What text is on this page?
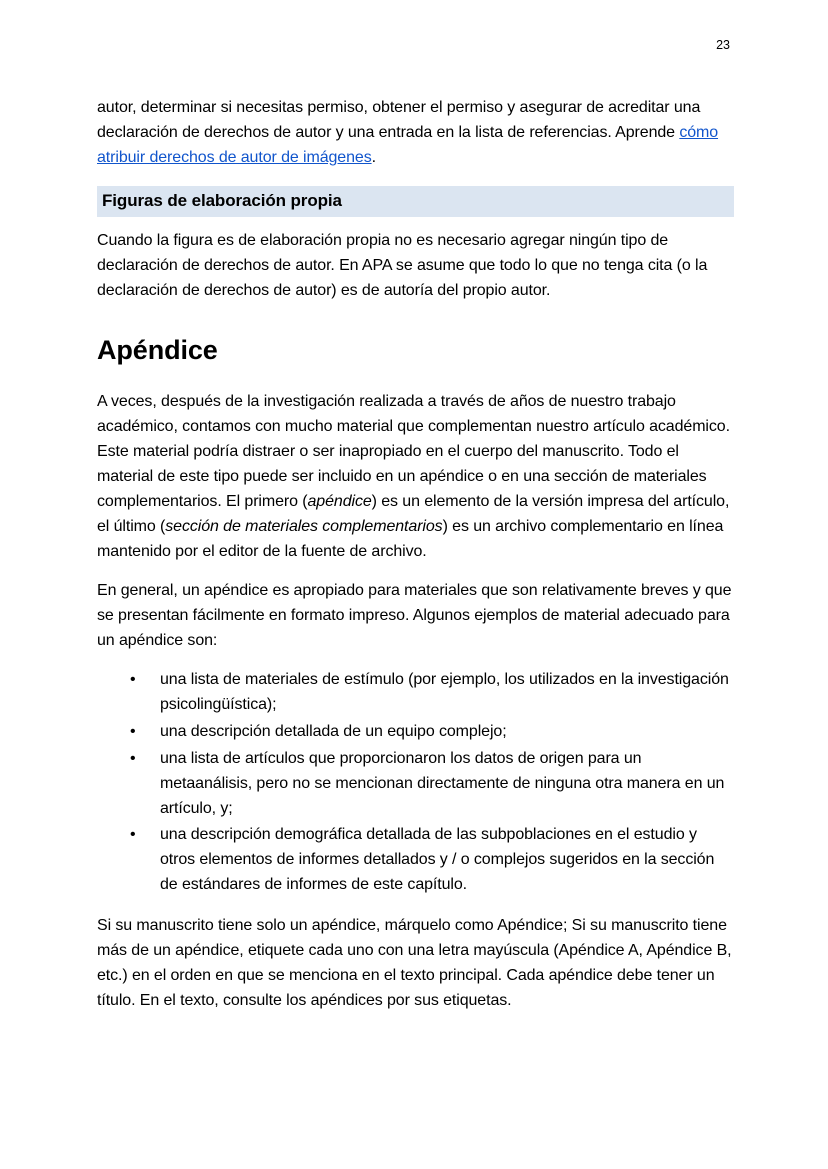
23

autor, determinar si necesitas permiso, obtener el permiso y asegurar de acreditar una declaración de derechos de autor y una entrada en la lista de referencias. Aprende cómo atribuir derechos de autor de imágenes.

Figuras de elaboración propia

Cuando la figura es de elaboración propia no es necesario agregar ningún tipo de declaración de derechos de autor. En APA se asume que todo lo que no tenga cita (o la declaración de derechos de autor) es de autoría del propio autor.

Apéndice

A veces, después de la investigación realizada a través de años de nuestro trabajo académico, contamos con mucho material que complementan nuestro artículo académico. Este material podría distraer o ser inapropiado en el cuerpo del manuscrito. Todo el material de este tipo puede ser incluido en un apéndice o en una sección de materiales complementarios. El primero (apéndice) es un elemento de la versión impresa del artículo, el último (sección de materiales complementarios) es un archivo complementario en línea mantenido por el editor de la fuente de archivo.

En general, un apéndice es apropiado para materiales que son relativamente breves y que se presentan fácilmente en formato impreso. Algunos ejemplos de material adecuado para un apéndice son:

• una lista de materiales de estímulo (por ejemplo, los utilizados en la investigación psicolingüística);
• una descripción detallada de un equipo complejo;
• una lista de artículos que proporcionaron los datos de origen para un metaanálisis, pero no se mencionan directamente de ninguna otra manera en un artículo, y;
• una descripción demográfica detallada de las subpoblaciones en el estudio y otros elementos de informes detallados y / o complejos sugeridos en la sección de estándares de informes de este capítulo.

Si su manuscrito tiene solo un apéndice, márquelo como Apéndice; Si su manuscrito tiene más de un apéndice, etiquete cada uno con una letra mayúscula (Apéndice A, Apéndice B, etc.) en el orden en que se menciona en el texto principal. Cada apéndice debe tener un título. En el texto, consulte los apéndices por sus etiquetas.
